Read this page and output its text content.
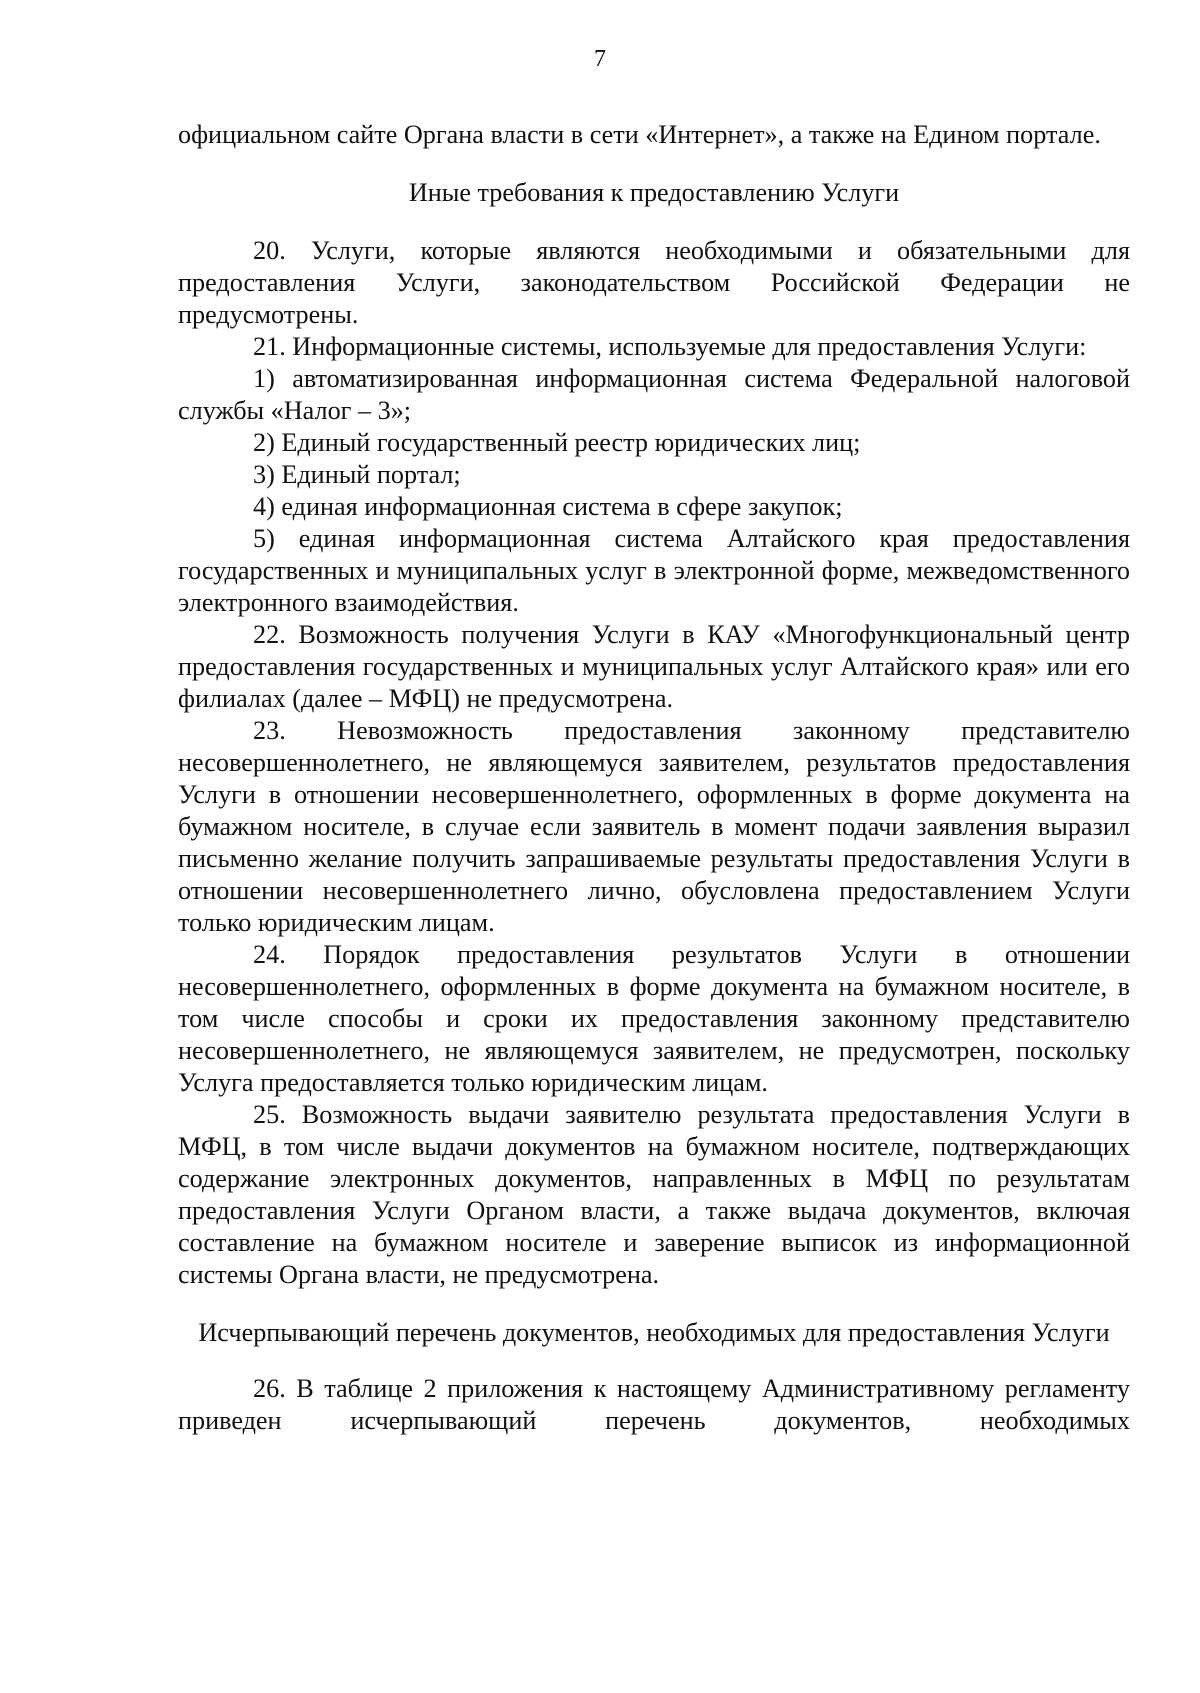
7

официальном сайте Органа власти в сети «Интернет», а также на Едином портале.

Иные требования к предоставлению Услуги

20. Услуги, которые являются необходимыми и обязательными для предоставления Услуги, законодательством Российской Федерации не предусмотрены.

21. Информационные системы, используемые для предоставления Услуги:

1) автоматизированная информационная система Федеральной налоговой службы «Налог – 3»;

2) Единый государственный реестр юридических лиц;

3) Единый портал;

4) единая информационная система в сфере закупок;

5) единая информационная система Алтайского края предоставления государственных и муниципальных услуг в электронной форме, межведомственного электронного взаимодействия.

22. Возможность получения Услуги в КАУ «Многофункциональный центр предоставления государственных и муниципальных услуг Алтайского края» или его филиалах (далее – МФЦ) не предусмотрена.

23. Невозможность предоставления законному представителю несовершеннолетнего, не являющемуся заявителем, результатов предоставления Услуги в отношении несовершеннолетнего, оформленных в форме документа на бумажном носителе, в случае если заявитель в момент подачи заявления выразил письменно желание получить запрашиваемые результаты предоставления Услуги в отношении несовершеннолетнего лично, обусловлена предоставлением Услуги только юридическим лицам.

24. Порядок предоставления результатов Услуги в отношении несовершеннолетнего, оформленных в форме документа на бумажном носителе, в том числе способы и сроки их предоставления законному представителю несовершеннолетнего, не являющемуся заявителем, не предусмотрен, поскольку Услуга предоставляется только юридическим лицам.

25. Возможность выдачи заявителю результата предоставления Услуги в МФЦ, в том числе выдачи документов на бумажном носителе, подтверждающих содержание электронных документов, направленных в МФЦ по результатам предоставления Услуги Органом власти, а также выдача документов, включая составление на бумажном носителе и заверение выписок из информационной системы Органа власти, не предусмотрена.

Исчерпывающий перечень документов, необходимых для предоставления Услуги

26. В таблице 2 приложения к настоящему Административному регламенту приведен исчерпывающий перечень документов, необходимых
